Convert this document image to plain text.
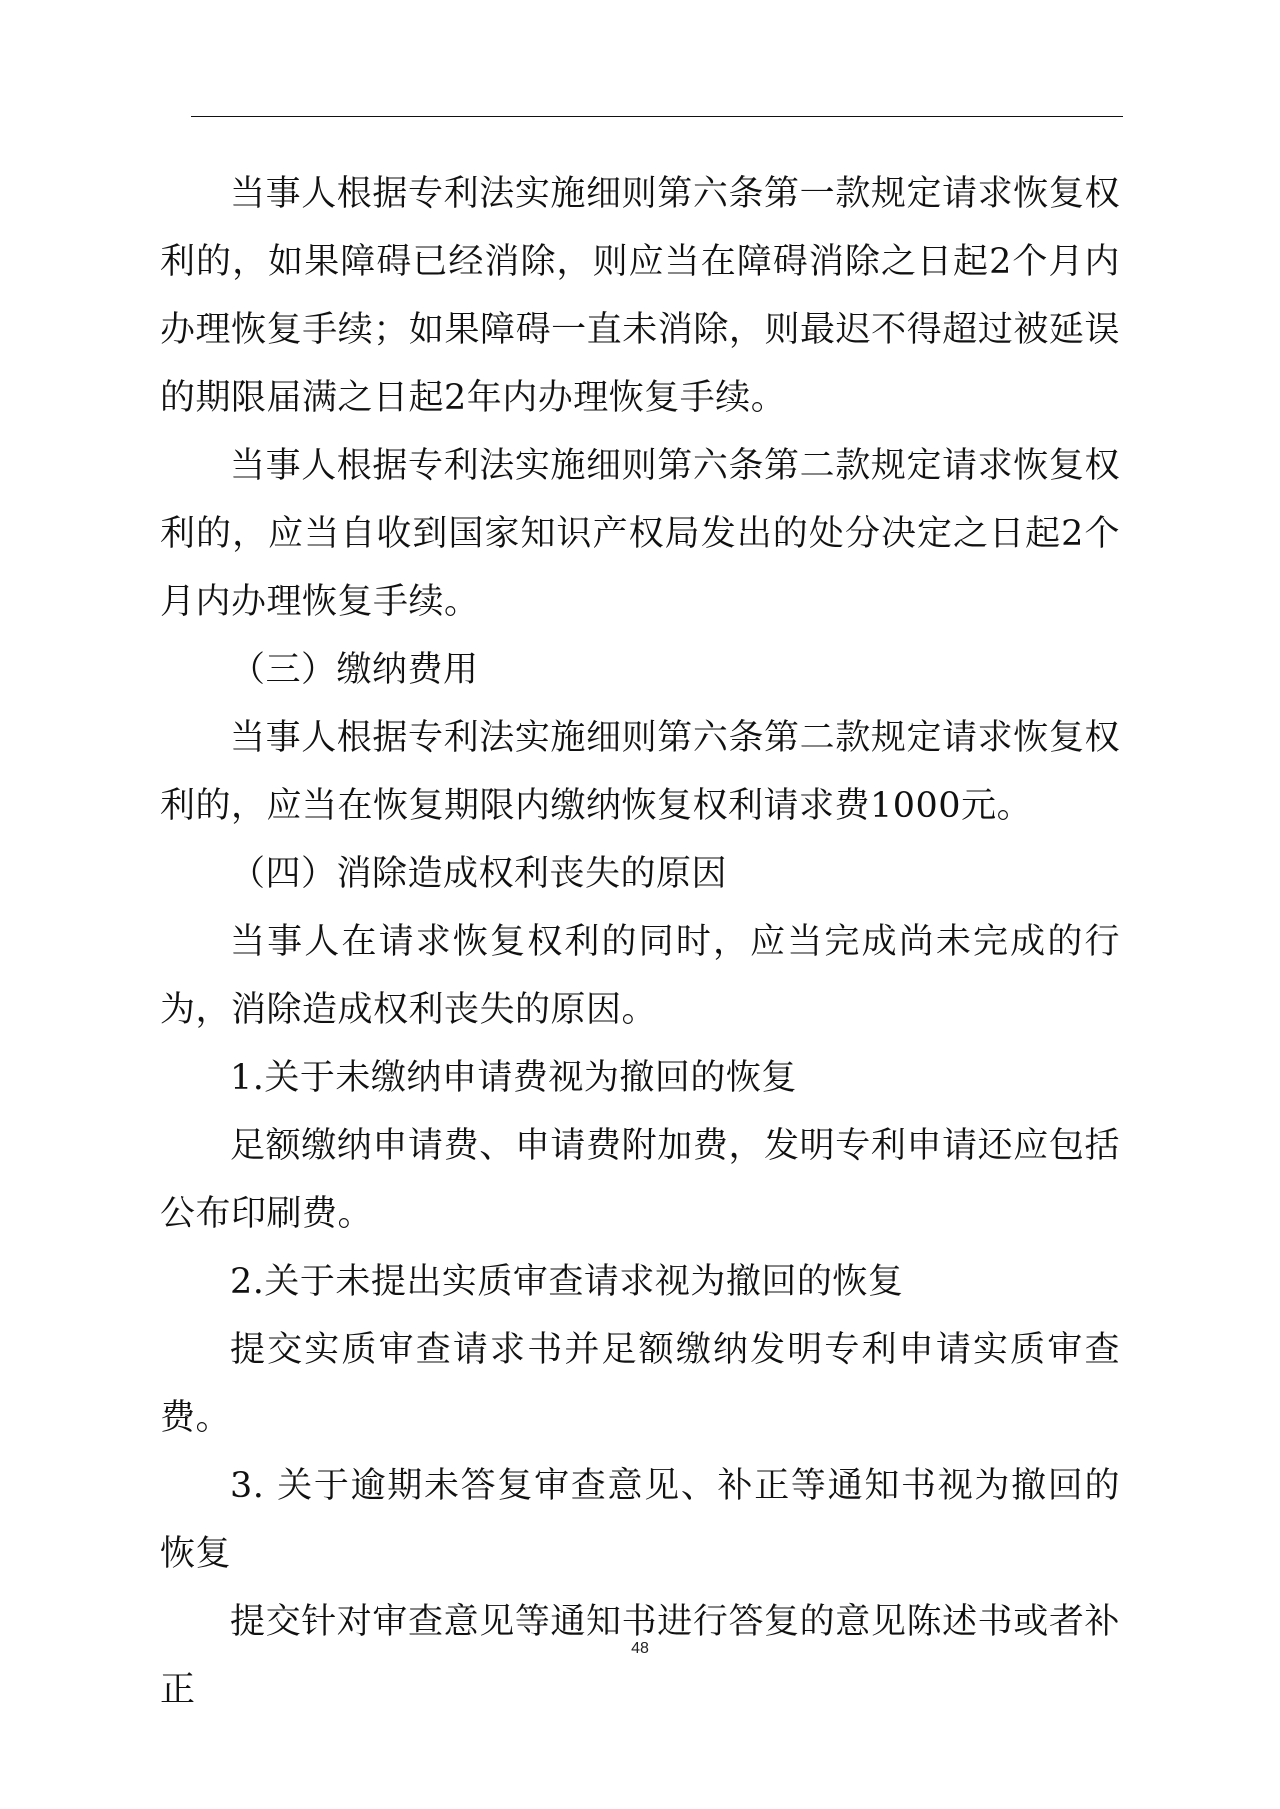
当事人根据专利法实施细则第六条第一款规定请求恢复权利的，如果障碍已经消除，则应当在障碍消除之日起2个月内办理恢复手续；如果障碍一直未消除，则最迟不得超过被延误的期限届满之日起2年内办理恢复手续。

当事人根据专利法实施细则第六条第二款规定请求恢复权利的，应当自收到国家知识产权局发出的处分决定之日起2个月内办理恢复手续。

（三）缴纳费用

当事人根据专利法实施细则第六条第二款规定请求恢复权利的，应当在恢复期限内缴纳恢复权利请求费1000元。

（四）消除造成权利丧失的原因

当事人在请求恢复权利的同时，应当完成尚未完成的行为，消除造成权利丧失的原因。

1.关于未缴纳申请费视为撤回的恢复

足额缴纳申请费、申请费附加费，发明专利申请还应包括公布印刷费。

2.关于未提出实质审查请求视为撤回的恢复

提交实质审查请求书并足额缴纳发明专利申请实质审查费。

3. 关于逾期未答复审查意见、补正等通知书视为撤回的恢复

提交针对审查意见等通知书进行答复的意见陈述书或者补正

48
